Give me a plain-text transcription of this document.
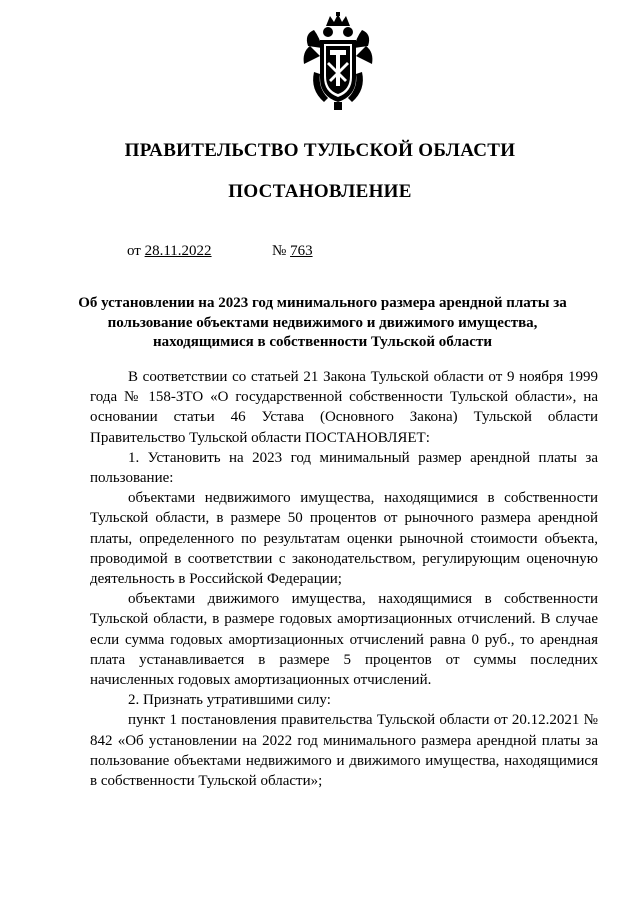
ПРАВИТЕЛЬСТВО ТУЛЬСКОЙ ОБЛАСТИ
ПОСТАНОВЛЕНИЕ
от 28.11.2022	№ 763
Об установлении на 2023 год минимального размера арендной платы за пользование объектами недвижимого и движимого имущества, находящимися в собственности Тульской области

В соответствии со статьей 21 Закона Тульской области от 9 ноября 1999 года № 158-ЗТО «О государственной собственности Тульской области», на основании статьи 46 Устава (Основного Закона) Тульской области Правительство Тульской области ПОСТАНОВЛЯЕТ:

1. Установить на 2023 год минимальный размер арендной платы за пользование:

объектами недвижимого имущества, находящимися в собственности Тульской области, в размере 50 процентов от рыночного размера арендной платы, определенного по результатам оценки рыночной стоимости объекта, проводимой в соответствии с законодательством, регулирующим оценочную деятельность в Российской Федерации;

объектами движимого имущества, находящимися в собственности Тульской области, в размере годовых амортизационных отчислений. В случае если сумма годовых амортизационных отчислений равна 0 руб., то арендная плата устанавливается в размере 5 процентов от суммы последних начисленных годовых амортизационных отчислений.

2. Признать утратившими силу:

пункт 1 постановления правительства Тульской области от 20.12.2021 № 842 «Об установлении на 2022 год минимального размера арендной платы за пользование объектами недвижимого и движимого имущества, находящимися в собственности Тульской области»;
